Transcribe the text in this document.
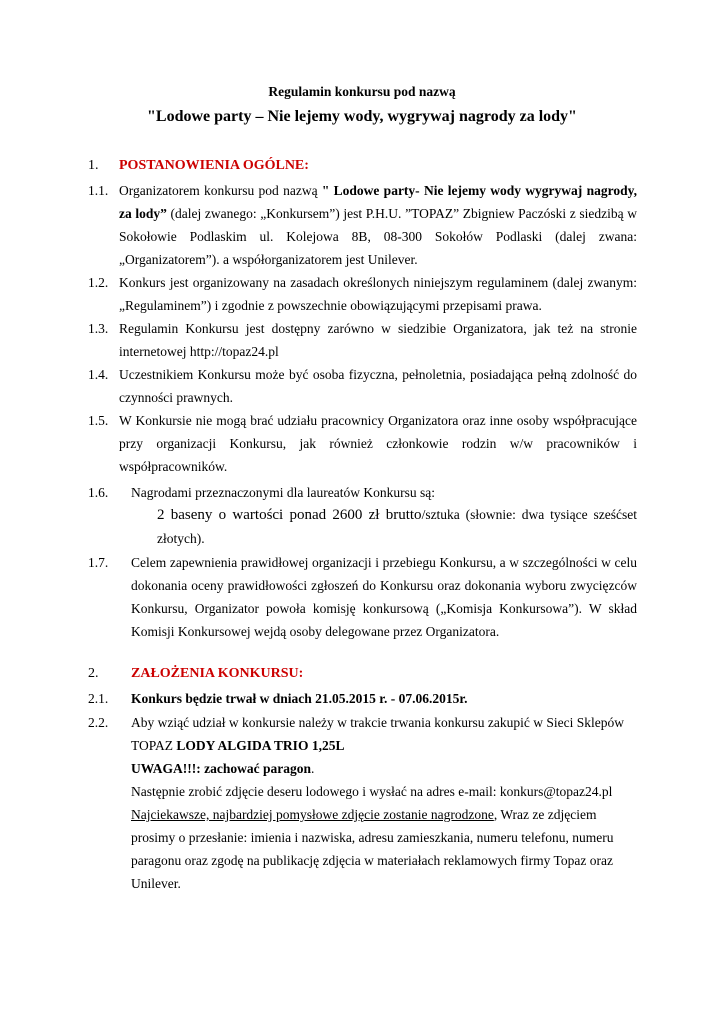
Regulamin konkursu pod nazwą
"Lodowe party – Nie lejemy wody, wygrywaj nagrody za lody"
1. POSTANOWIENIA OGÓLNE:
1.1. Organizatorem konkursu pod nazwą " Lodowe party- Nie lejemy wody wygrywaj nagrody,
za lody” (dalej zwanego: „Konkursem”) jest P.H.U. ”TOPAZ” Zbigniew Paczóski z siedzibą w
Sokołowie Podlaskim ul. Kolejowa 8B, 08-300 Sokołów Podlaski (dalej zwana:
„Organizatorem”). a współorganizatorem jest Unilever.
1.2. Konkurs jest organizowany na zasadach określonych niniejszym regulaminem (dalej zwanym:
„Regulaminem”) i zgodnie z powszechnie obowiązującymi przepisami prawa.
1.3. Regulamin Konkursu jest dostępny zarówno w siedzibie Organizatora, jak też na stronie
internetowej http://topaz24.pl
1.4. Uczestnikiem Konkursu może być osoba fizyczna, pełnoletnia, posiadająca pełną zdolność do
czynności prawnych.
1.5. W Konkursie nie mogą brać udziału pracownicy Organizatora oraz inne osoby współpracujące
przy organizacji Konkursu, jak również członkowie rodzin w/w pracowników i
współpracowników.
1.6. Nagrodami przeznaczonymi dla laureatów Konkursu są:
2 baseny o wartości ponad 2600 zł brutto/sztuka (słownie: dwa tysiące sześćset
złotych).
1.7. Celem zapewnienia prawidłowej organizacji i przebiegu Konkursu, a w szczególności w celu
dokonania oceny prawidłowości zgłoszeń do Konkursu oraz dokonania wyboru zwycięzców
Konkursu, Organizator powoła komisję konkursową („Komisja Konkursowa”). W skład
Komisji Konkursowej wejdą osoby delegowane przez Organizatora.
2. ZAŁOŻENIA KONKURSU:
2.1. Konkurs będzie trwał w dniach 21.05.2015 r. - 07.06.2015r.
2.2. Aby wziąć udział w konkursie należy w trakcie trwania konkursu zakupić w Sieci Sklepów
TOPAZ LODY ALGIDA TRIO 1,25L
UWAGA!!!: zachować paragon.
Następnie zrobić zdjęcie deseru lodowego i wysłać na adres e-mail: konkurs@topaz24.pl
Najciekawsze, najbardziej pomysłowe zdjęcie zostanie nagrodzone, Wraz ze zdjęciem
prosimy o przesłanie: imienia i nazwiska, adresu zamieszkania, numeru telefonu, numeru
paragonu oraz zgodę na publikację zdjęcia w materiałach reklamowych firmy Topaz oraz
Unilever.
